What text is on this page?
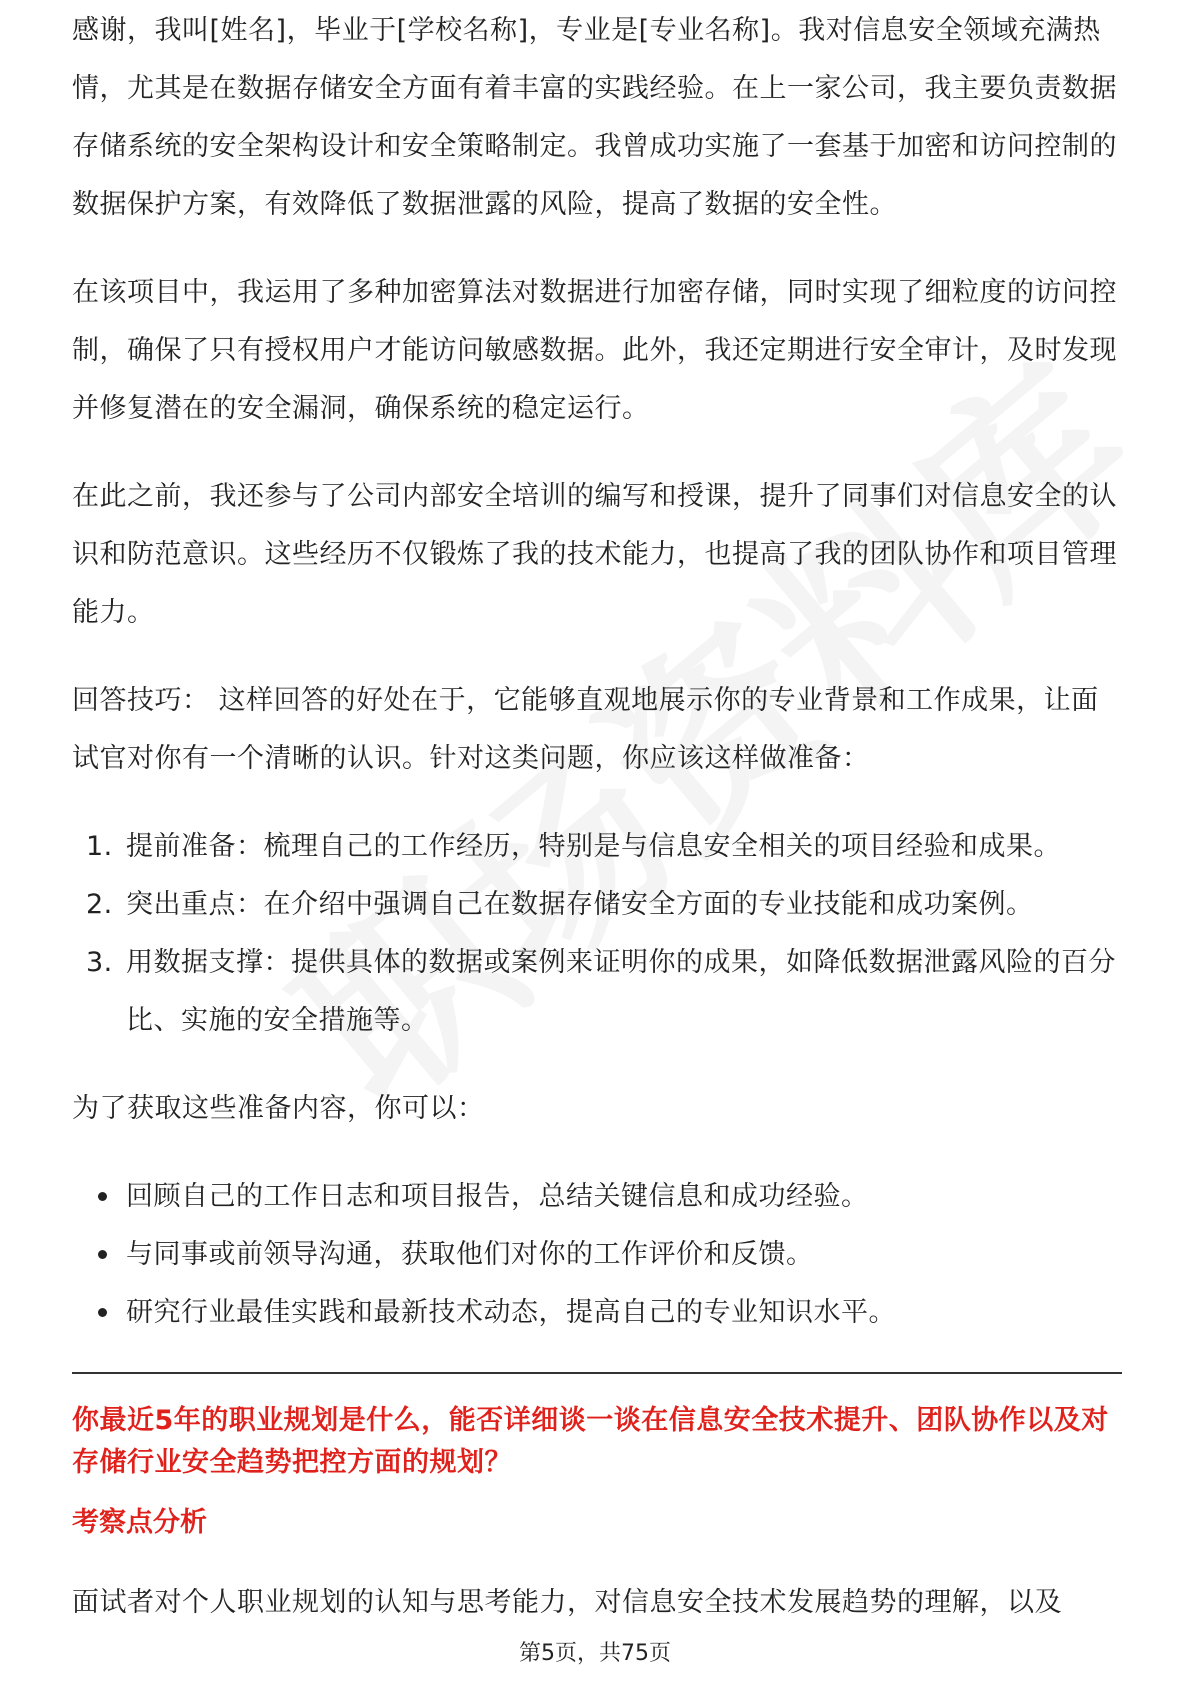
感谢，我叫[姓名]，毕业于[学校名称]，专业是[专业名称]。我对信息安全领域充满热情，尤其是在数据存储安全方面有着丰富的实践经验。在上一家公司，我主要负责数据存储系统的安全架构设计和安全策略制定。我曾成功实施了一套基于加密和访问控制的数据保护方案，有效降低了数据泄露的风险，提高了数据的安全性。

在该项目中，我运用了多种加密算法对数据进行加密存储，同时实现了细粒度的访问控制，确保了只有授权用户才能访问敏感数据。此外，我还定期进行安全审计，及时发现并修复潜在的安全漏洞，确保系统的稳定运行。

在此之前，我还参与了公司内部安全培训的编写和授课，提升了同事们对信息安全的认识和防范意识。这些经历不仅锻炼了我的技术能力，也提高了我的团队协作和项目管理能力。

回答技巧： 这样回答的好处在于，它能够直观地展示你的专业背景和工作成果，让面试官对你有一个清晰的认识。针对这类问题，你应该这样做准备：

1. 提前准备：梳理自己的工作经历，特别是与信息安全相关的项目经验和成果。
2. 突出重点：在介绍中强调自己在数据存储安全方面的专业技能和成功案例。
3. 用数据支撑：提供具体的数据或案例来证明你的成果，如降低数据泄露风险的百分比、实施的安全措施等。

为了获取这些准备内容，你可以：

回顾自己的工作日志和项目报告，总结关键信息和成功经验。
与同事或前领导沟通，获取他们对你的工作评价和反馈。
研究行业最佳实践和最新技术动态，提高自己的专业知识水平。

你最近5年的职业规划是什么，能否详细谈一谈在信息安全技术提升、团队协作以及对存储行业安全趋势把控方面的规划？

考察点分析

面试者对个人职业规划的认知与思考能力，对信息安全技术发展趋势的理解，以及

第5页，共75页
